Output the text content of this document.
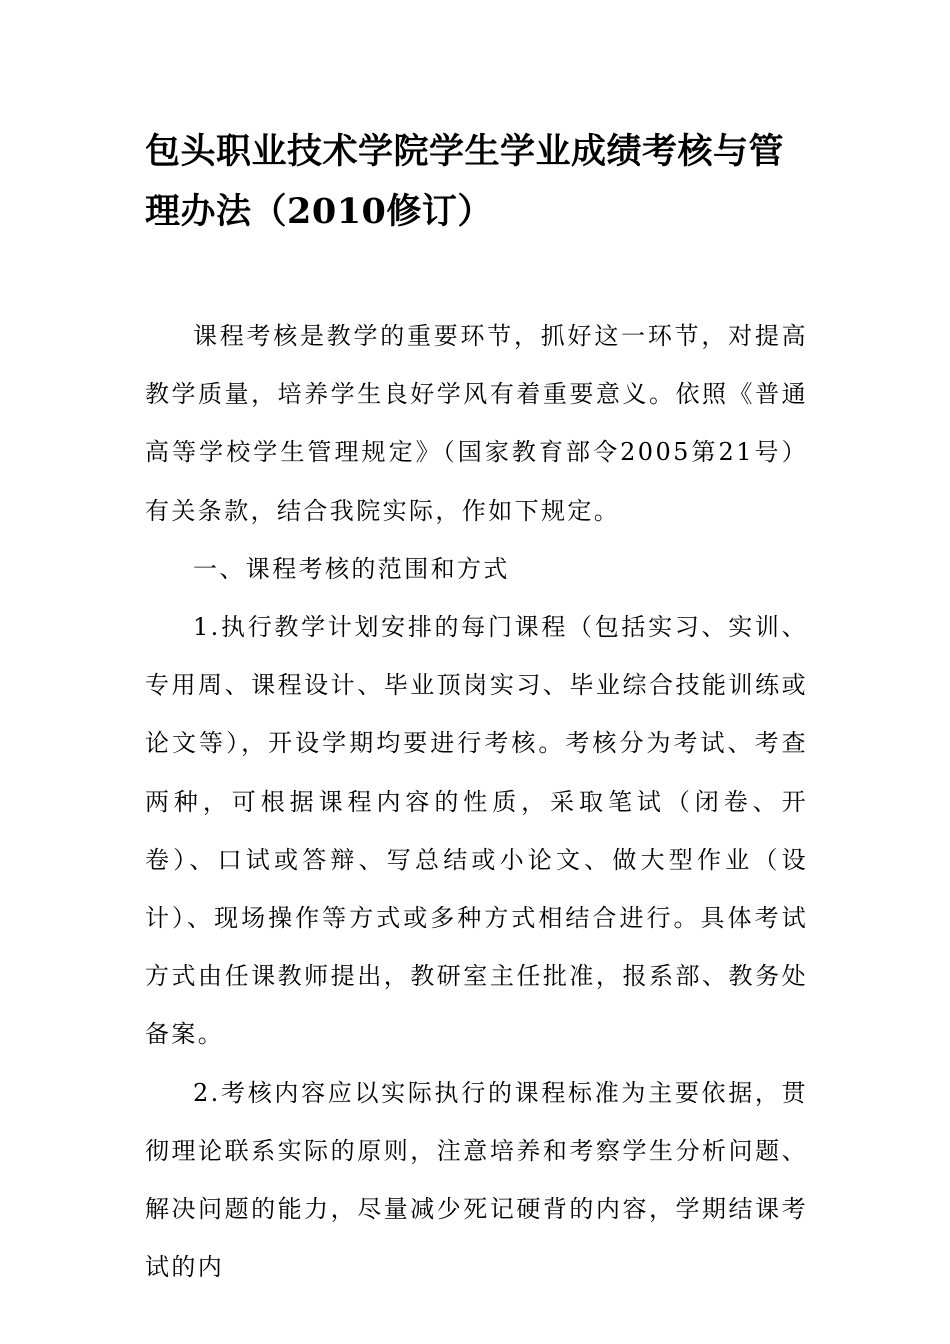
包头职业技术学院学生学业成绩考核与管理办法（2010修订）

课程考核是教学的重要环节，抓好这一环节，对提高教学质量，培养学生良好学风有着重要意义。依照《普通高等学校学生管理规定》（国家教育部令2005第21号）有关条款，结合我院实际，作如下规定。

一、课程考核的范围和方式

1.执行教学计划安排的每门课程（包括实习、实训、专用周、课程设计、毕业顶岗实习、毕业综合技能训练或论文等），开设学期均要进行考核。考核分为考试、考查两种，可根据课程内容的性质，采取笔试（闭卷、开卷）、口试或答辩、写总结或小论文、做大型作业（设计）、现场操作等方式或多种方式相结合进行。具体考试方式由任课教师提出，教研室主任批准，报系部、教务处备案。

2.考核内容应以实际执行的课程标准为主要依据，贯彻理论联系实际的原则，注意培养和考察学生分析问题、解决问题的能力，尽量减少死记硬背的内容，学期结课考试的内
